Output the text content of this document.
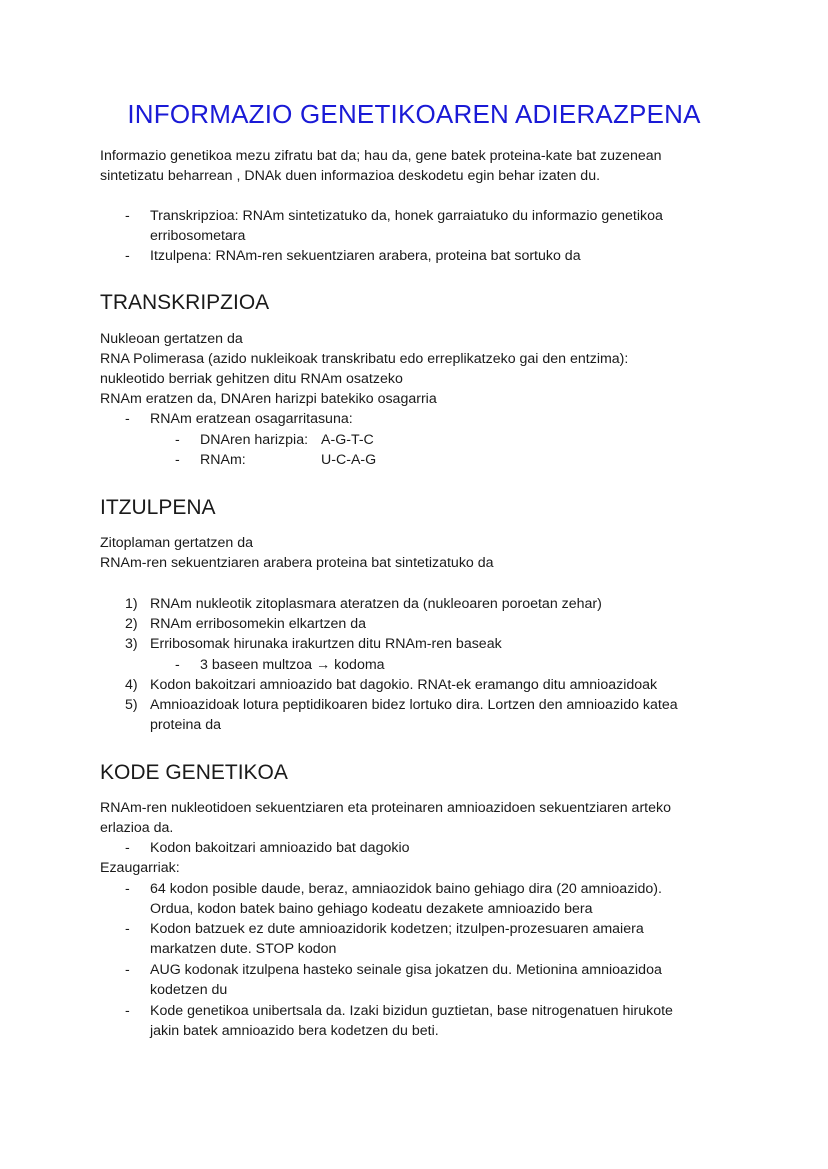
INFORMAZIO GENETIKOAREN ADIERAZPENA

Informazio genetikoa mezu zifratu bat da; hau da, gene batek proteina-kate bat zuzenean

sintetizatu beharrean , DNAk duen informazioa deskodetu egin behar izaten du.

- Transkripzioa: RNAm sintetizatuko da, honek garraiatuko du informazio genetikoa
erribosometara
- Itzulpena: RNAm-ren sekuentziaren arabera, proteina bat sortuko da
TRANSKRIPZIOA

Nukleoan gertatzen da

RNA Polimerasa (azido nukleikoak transkribatu edo erreplikatzeko gai den entzima):

nukleotido berriak gehitzen ditu RNAm osatzeko

RNAm eratzen da, DNAren harizpi batekiko osagarria

- RNAm eratzean osagarritasuna:
- DNAren harizpia: A-G-T-C
- RNAm:	U-C-A-G
ITZULPENA

Zitoplaman gertatzen da

RNAm-ren sekuentziaren arabera proteina bat sintetizatuko da

1) RNAm nukleotik zitoplasmara ateratzen da (nukleoaren poroetan zehar)
2) RNAm erribosomekin elkartzen da
3) Erribosomak hirunaka irakurtzen ditu RNAm-ren baseak
- 3 baseen multzoa → kodoma
4) Kodon bakoitzari amnioazido bat dagokio. RNAt-ek eramango ditu amnioazidoak
5) Amnioazidoak lotura peptidikoaren bidez lortuko dira. Lortzen den amnioazido katea
proteina da
KODE GENETIKOA

RNAm-ren nukleotidoen sekuentziaren eta proteinaren amnioazidoen sekuentziaren arteko

erlazioa da.

- Kodon bakoitzari amnioazido bat dagokio

Ezaugarriak:

- 64 kodon posible daude, beraz, amniaozidok baino gehiago dira (20 amnioazido).
Ordua, kodon batek baino gehiago kodeatu dezakete amnioazido bera
- Kodon batzuek ez dute amnioazidorik kodetzen; itzulpen-prozesuaren amaiera
markatzen dute. STOP kodon
- AUG kodonak itzulpena hasteko seinale gisa jokatzen du. Metionina amnioazidoa
kodetzen du
- Kode genetikoa unibertsala da. Izaki bizidun guztietan, base nitrogenatuen hirukote
jakin batek amnioazido bera kodetzen du beti.
